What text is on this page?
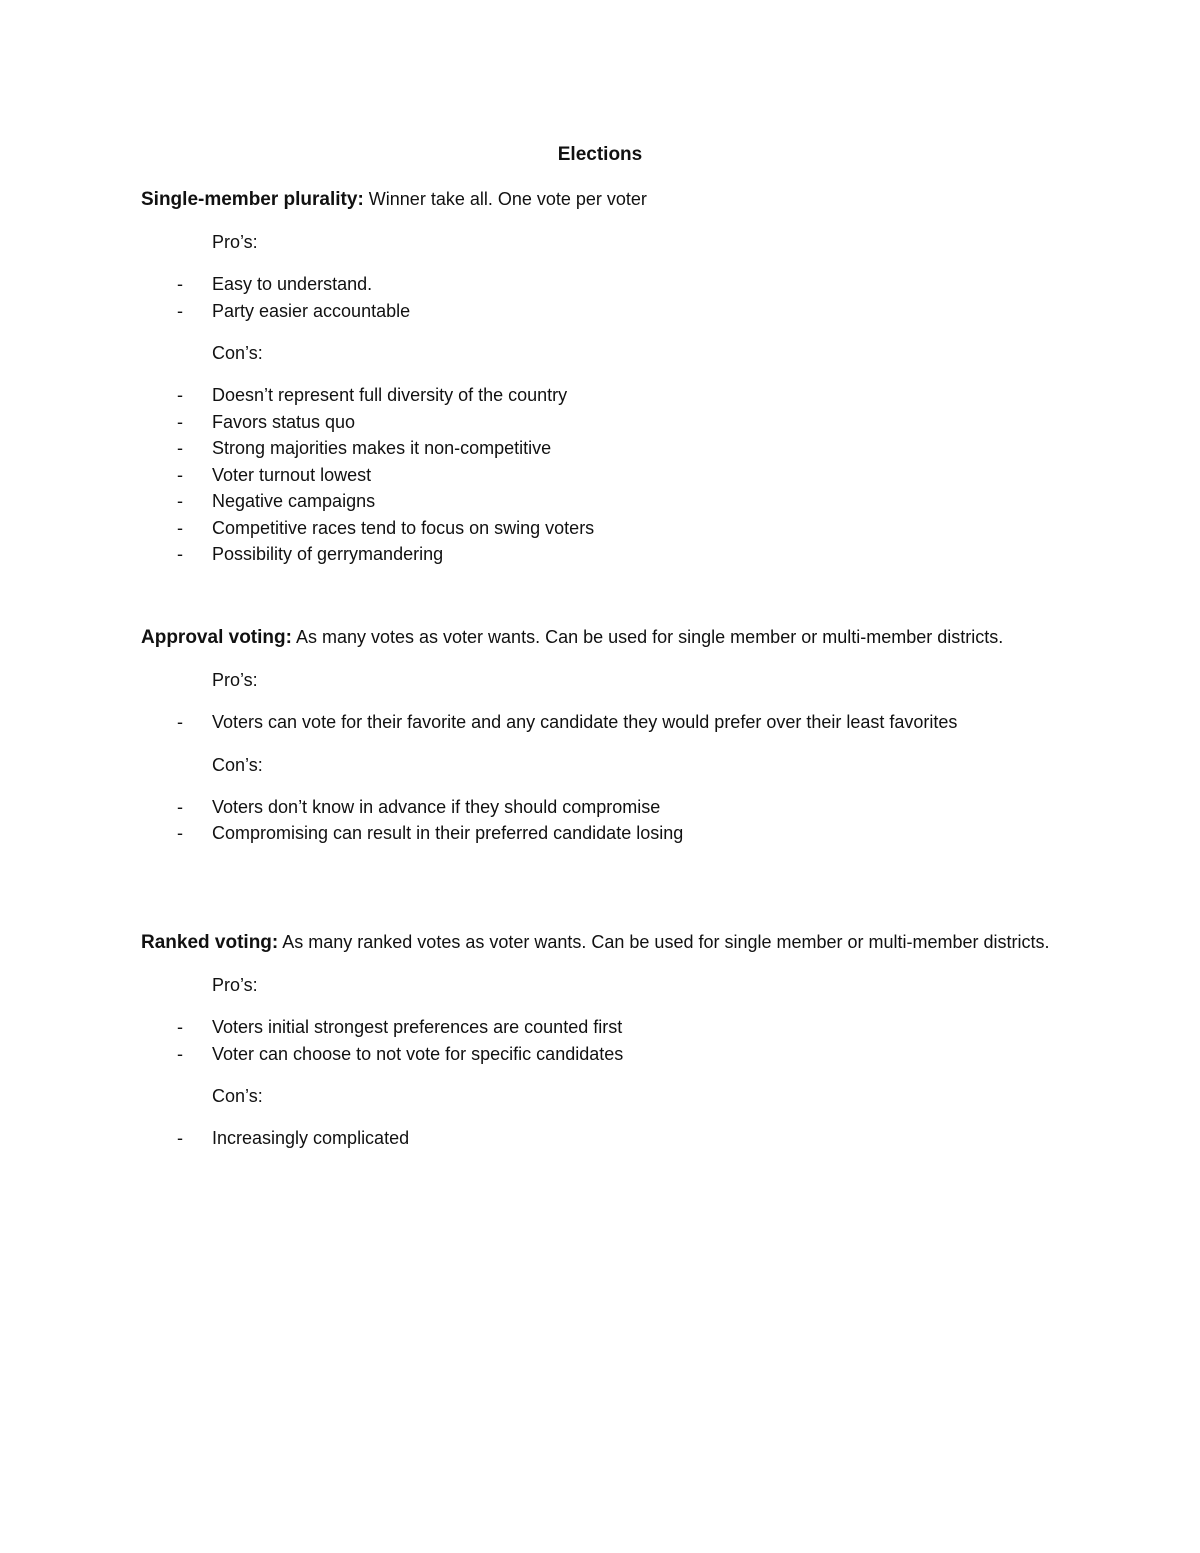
Elections

Single-member plurality: Winner take all. One vote per voter

Pro’s:

- Easy to understand.
- Party easier accountable

Con’s:

- Doesn’t represent full diversity of the country
- Favors status quo
- Strong majorities makes it non-competitive
- Voter turnout lowest
- Negative campaigns
- Competitive races tend to focus on swing voters
- Possibility of gerrymandering

Approval voting: As many votes as voter wants. Can be used for single member or multi-member districts.

Pro’s:

- Voters can vote for their favorite and any candidate they would prefer over their least favorites

Con’s:

- Voters don’t know in advance if they should compromise
- Compromising can result in their preferred candidate losing

Ranked voting: As many ranked votes as voter wants. Can be used for single member or multi-member districts.

Pro’s:

- Voters initial strongest preferences are counted first
- Voter can choose to not vote for specific candidates

Con’s:

- Increasingly complicated
